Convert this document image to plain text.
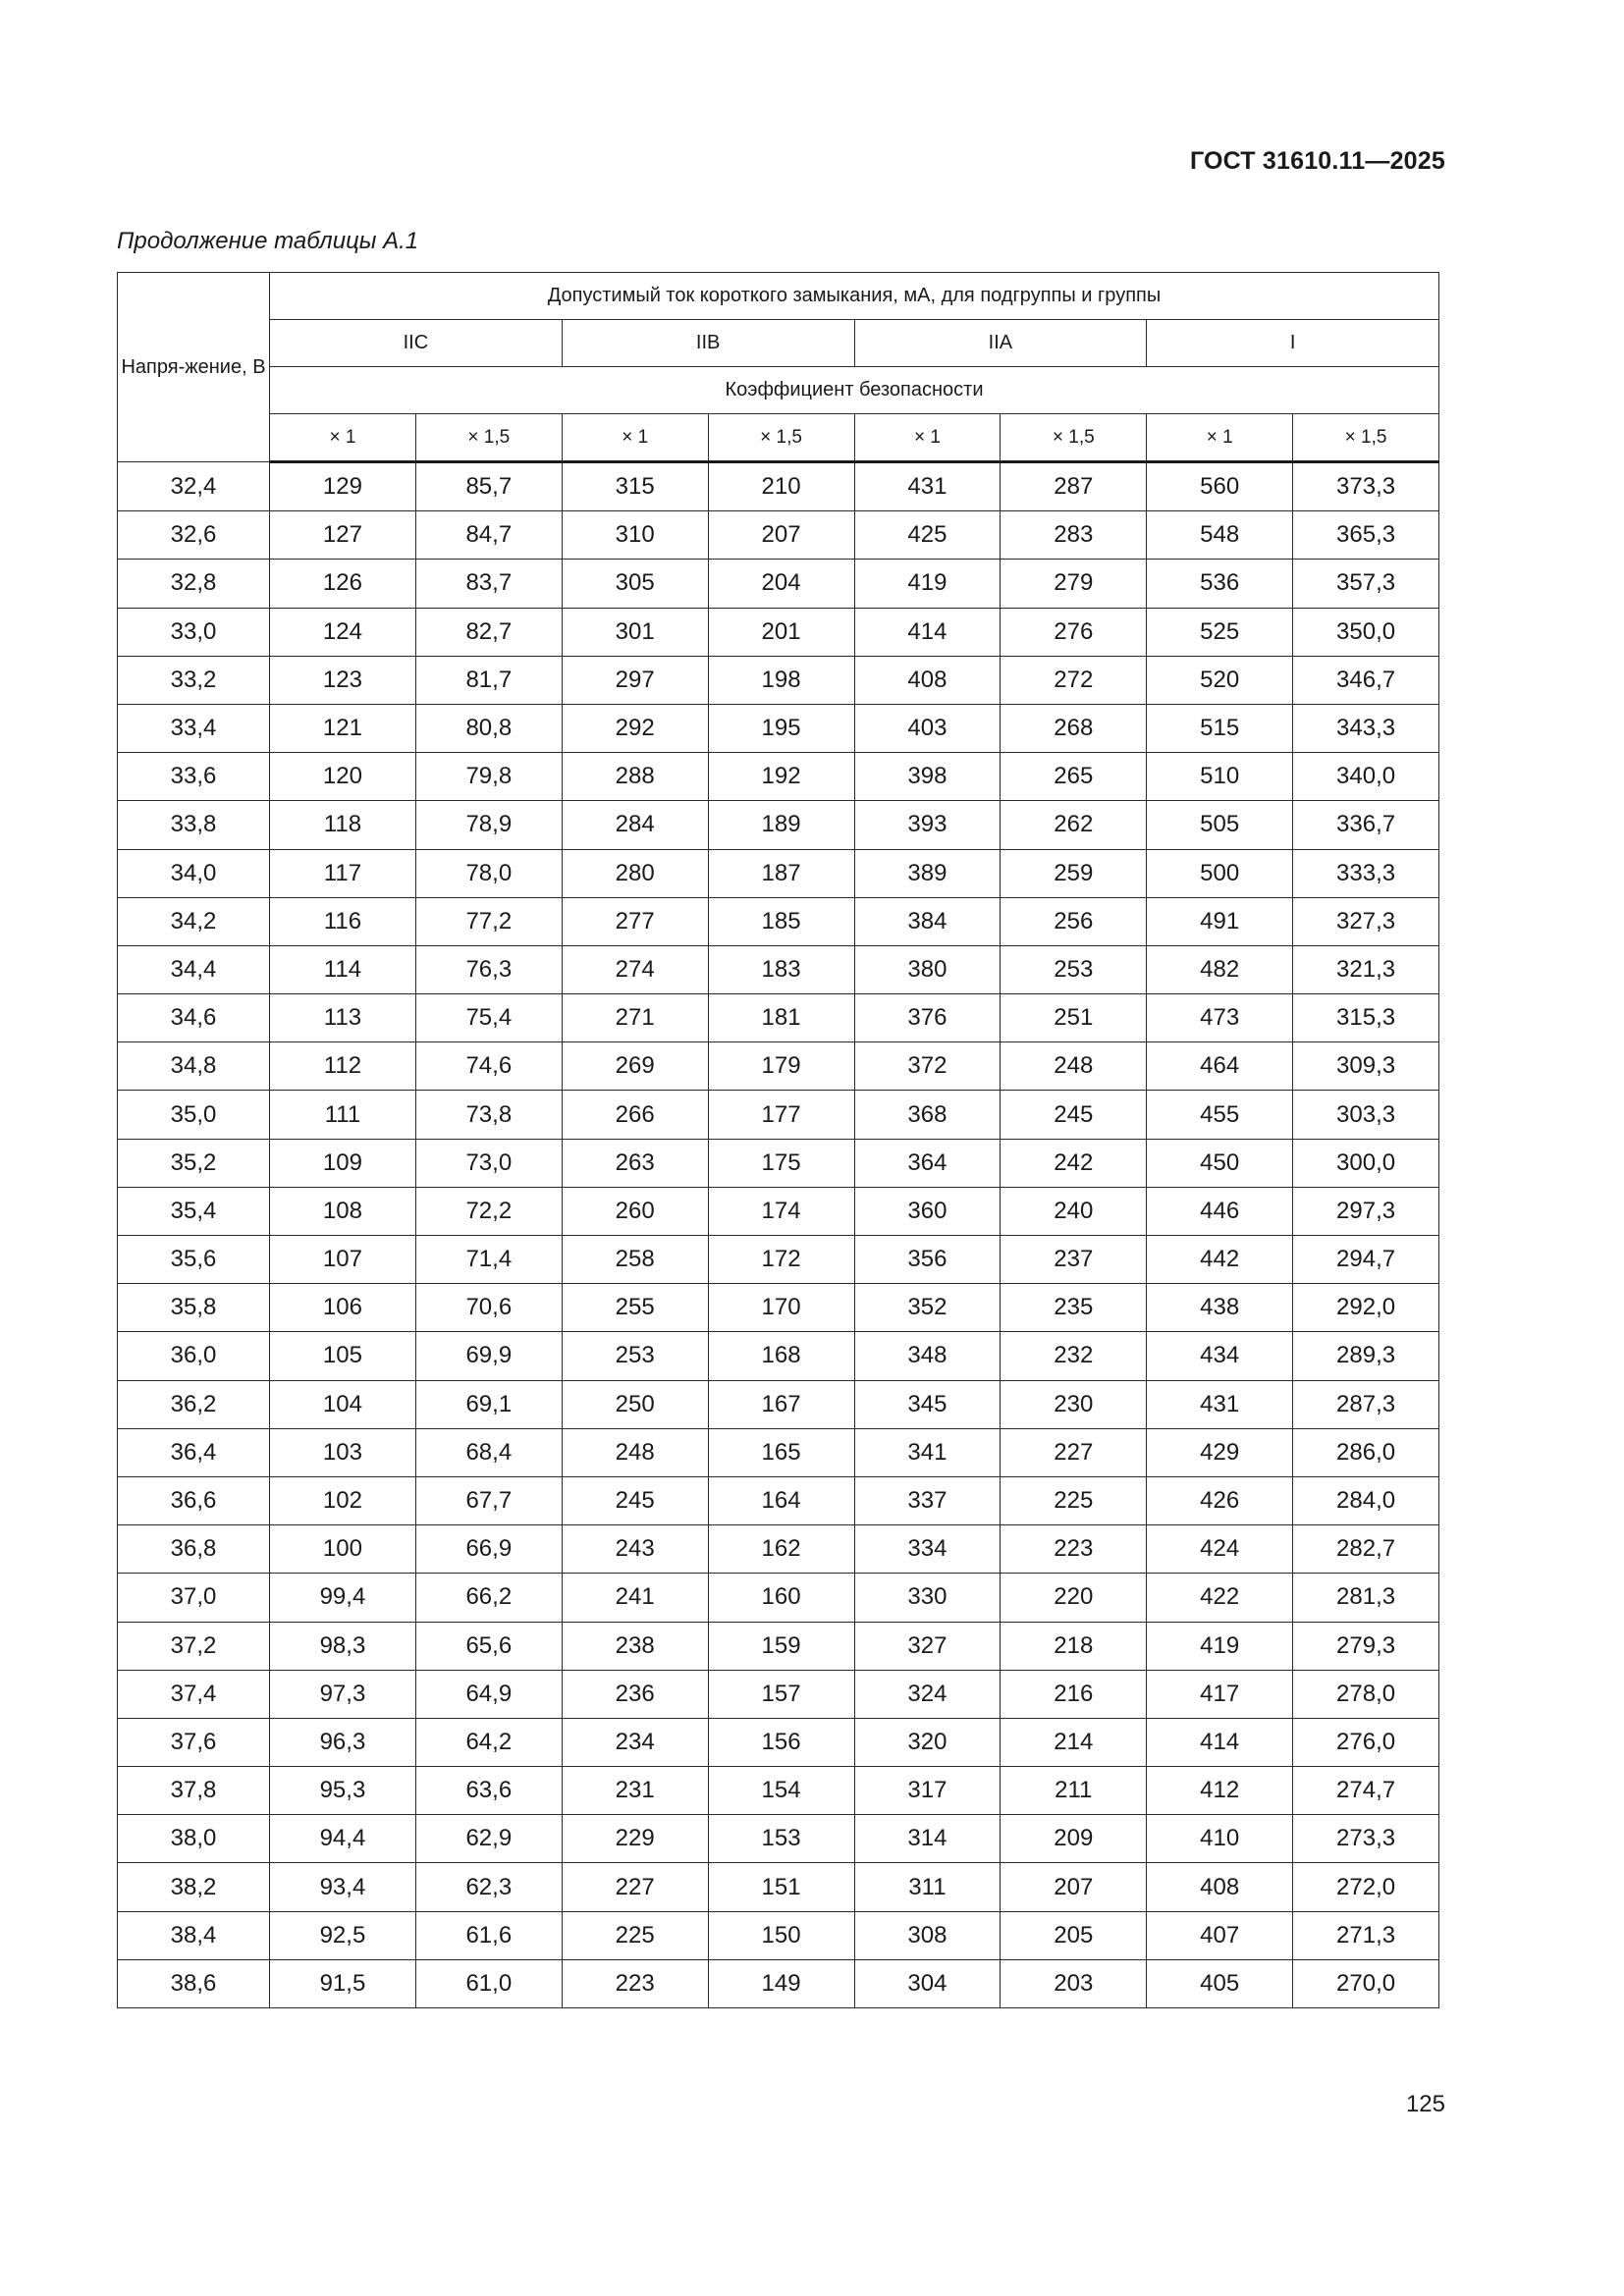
ГОСТ 31610.11—2025
Продолжение таблицы А.1
Напря-жение, В	Допустимый ток короткого замыкания, мА, для подгруппы и группы							
	IIC		IIB		IIA		I	
	Коэффициент безопасности							
	× 1	× 1,5	× 1	× 1,5	× 1	× 1,5	× 1	× 1,5
32,4	129	85,7	315	210	431	287	560	373,3
32,6	127	84,7	310	207	425	283	548	365,3
32,8	126	83,7	305	204	419	279	536	357,3
33,0	124	82,7	301	201	414	276	525	350,0
33,2	123	81,7	297	198	408	272	520	346,7
33,4	121	80,8	292	195	403	268	515	343,3
33,6	120	79,8	288	192	398	265	510	340,0
33,8	118	78,9	284	189	393	262	505	336,7
34,0	117	78,0	280	187	389	259	500	333,3
34,2	116	77,2	277	185	384	256	491	327,3
34,4	114	76,3	274	183	380	253	482	321,3
34,6	113	75,4	271	181	376	251	473	315,3
34,8	112	74,6	269	179	372	248	464	309,3
35,0	111	73,8	266	177	368	245	455	303,3
35,2	109	73,0	263	175	364	242	450	300,0
35,4	108	72,2	260	174	360	240	446	297,3
35,6	107	71,4	258	172	356	237	442	294,7
35,8	106	70,6	255	170	352	235	438	292,0
36,0	105	69,9	253	168	348	232	434	289,3
36,2	104	69,1	250	167	345	230	431	287,3
36,4	103	68,4	248	165	341	227	429	286,0
36,6	102	67,7	245	164	337	225	426	284,0
36,8	100	66,9	243	162	334	223	424	282,7
37,0	99,4	66,2	241	160	330	220	422	281,3
37,2	98,3	65,6	238	159	327	218	419	279,3
37,4	97,3	64,9	236	157	324	216	417	278,0
37,6	96,3	64,2	234	156	320	214	414	276,0
37,8	95,3	63,6	231	154	317	211	412	274,7
38,0	94,4	62,9	229	153	314	209	410	273,3
38,2	93,4	62,3	227	151	311	207	408	272,0
38,4	92,5	61,6	225	150	308	205	407	271,3
38,6	91,5	61,0	223	149	304	203	405	270,0
125
